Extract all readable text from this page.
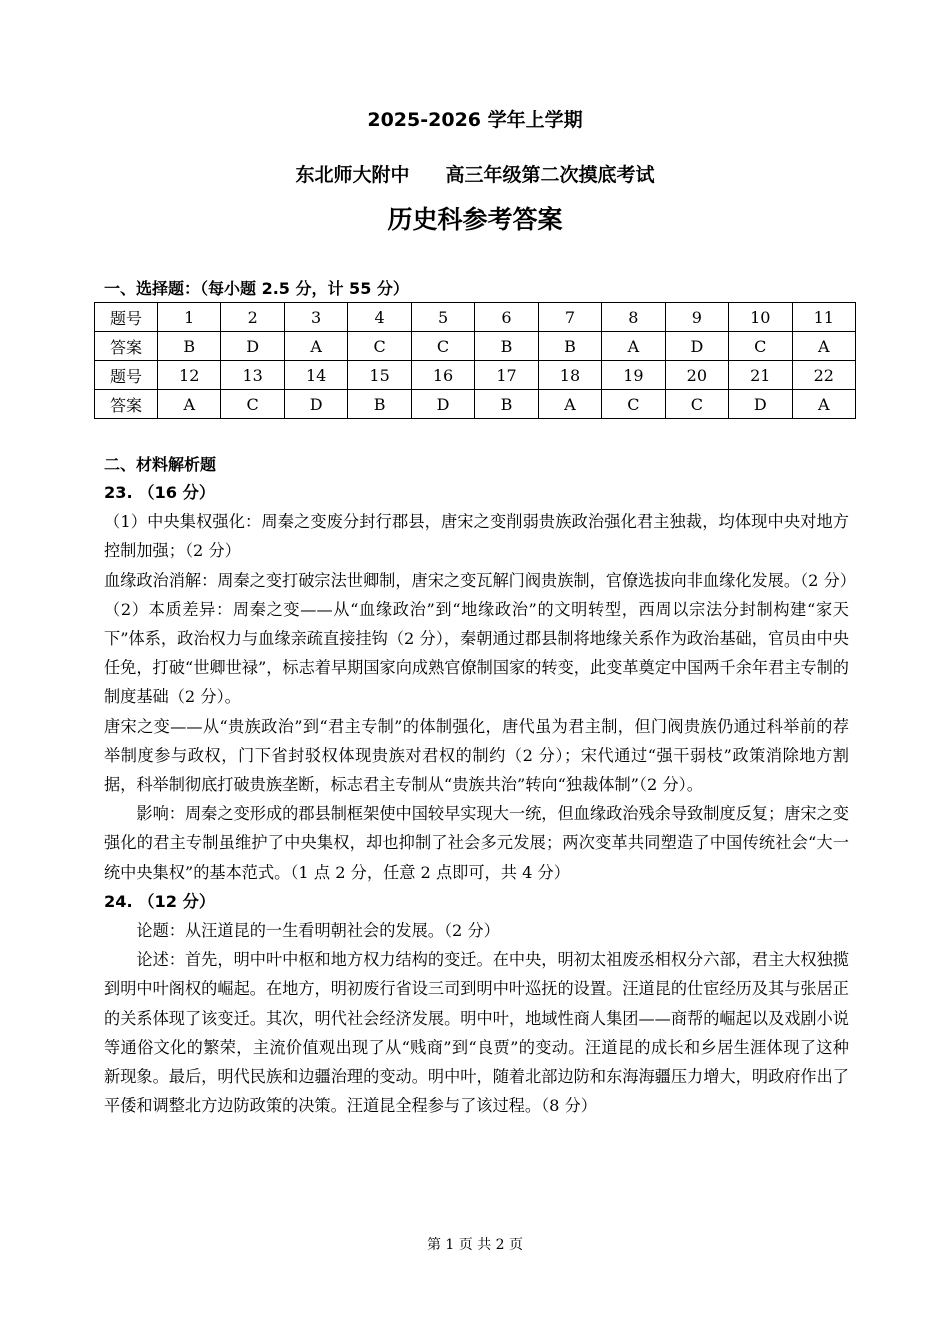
2025-2026 学年上学期
东北师大附中 高三年级第二次摸底考试
历史科参考答案
一、选择题：（每小题 2.5 分，计 55 分）
题号	1	2	3	4	5	6	7	8	9	10	11
答案	B	D	A	C	C	B	B	A	D	C	A
题号	12	13	14	15	16	17	18	19	20	21	22
答案	A	C	D	B	D	B	A	C	C	D	A
二、材料解析题

23. （16 分）

（1）中央集权强化：周秦之变废分封行郡县，唐宋之变削弱贵族政治强化君主独裁，均体现中央对地方控制加强；（2 分）

血缘政治消解：周秦之变打破宗法世卿制，唐宋之变瓦解门阀贵族制，官僚选拔向非血缘化发展。（2 分）

（2）本质差异：周秦之变——从“血缘政治”到“地缘政治”的文明转型，西周以宗法分封制构建“家天下”体系，政治权力与血缘亲疏直接挂钩（2 分），秦朝通过郡县制将地缘关系作为政治基础，官员由中央任免，打破“世卿世禄”，标志着早期国家向成熟官僚制国家的转变，此变革奠定中国两千余年君主专制的制度基础（2 分）。

唐宋之变——从“贵族政治”到“君主专制”的体制强化，唐代虽为君主制，但门阀贵族仍通过科举前的荐举制度参与政权，门下省封驳权体现贵族对君权的制约（2 分）；宋代通过“强干弱枝”政策消除地方割据，科举制彻底打破贵族垄断，标志君主专制从“贵族共治”转向“独裁体制”（2 分）。

影响：周秦之变形成的郡县制框架使中国较早实现大一统，但血缘政治残余导致制度反复；唐宋之变强化的君主专制虽维护了中央集权，却也抑制了社会多元发展；两次变革共同塑造了中国传统社会“大一统中央集权”的基本范式。（1 点 2 分，任意 2 点即可，共 4 分）

24. （12 分）

论题：从汪道昆的一生看明朝社会的发展。（2 分）

论述：首先，明中叶中枢和地方权力结构的变迁。在中央，明初太祖废丞相权分六部，君主大权独揽到明中叶阁权的崛起。在地方，明初废行省设三司到明中叶巡抚的设置。汪道昆的仕宦经历及其与张居正的关系体现了该变迁。其次，明代社会经济发展。明中叶，地域性商人集团——商帮的崛起以及戏剧小说等通俗文化的繁荣，主流价值观出现了从“贱商”到“良贾”的变动。汪道昆的成长和乡居生涯体现了这种新现象。最后，明代民族和边疆治理的变动。明中叶，随着北部边防和东海海疆压力增大，明政府作出了平倭和调整北方边防政策的决策。汪道昆全程参与了该过程。（8 分）

第 1 页 共 2 页
